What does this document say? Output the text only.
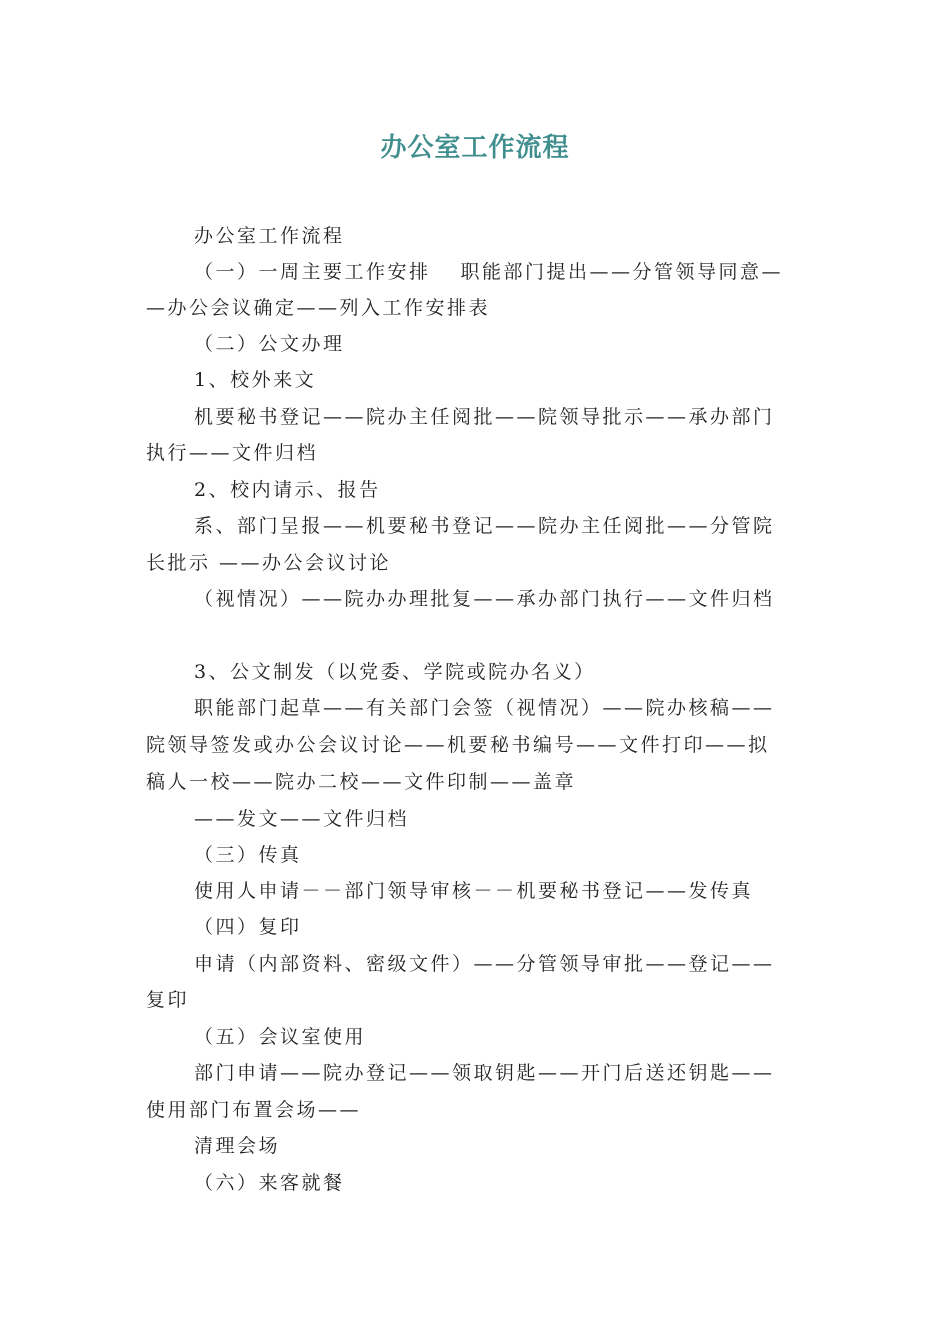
办公室工作流程
办公室工作流程
（一）一周主要工作安排　 职能部门提出——分管领导同意—
—办公会议确定——列入工作安排表
（二）公文办理
1、校外来文
机要秘书登记——院办主任阅批——院领导批示——承办部门
执行——文件归档
2、校内请示、报告
系、部门呈报——机要秘书登记——院办主任阅批——分管院
长批示 ——办公会议讨论
（视情况）——院办办理批复——承办部门执行——文件归档
3、公文制发（以党委、学院或院办名义）
职能部门起草——有关部门会签（视情况）——院办核稿——
院领导签发或办公会议讨论——机要秘书编号——文件打印——拟
稿人一校——院办二校——文件印制——盖章
——发文——文件归档
（三）传真
使用人申请－－部门领导审核－－机要秘书登记——发传真
（四）复印
申请（内部资料、密级文件）——分管领导审批——登记——
复印
（五）会议室使用
部门申请——院办登记——领取钥匙——开门后送还钥匙——
使用部门布置会场——
清理会场
（六）来客就餐
